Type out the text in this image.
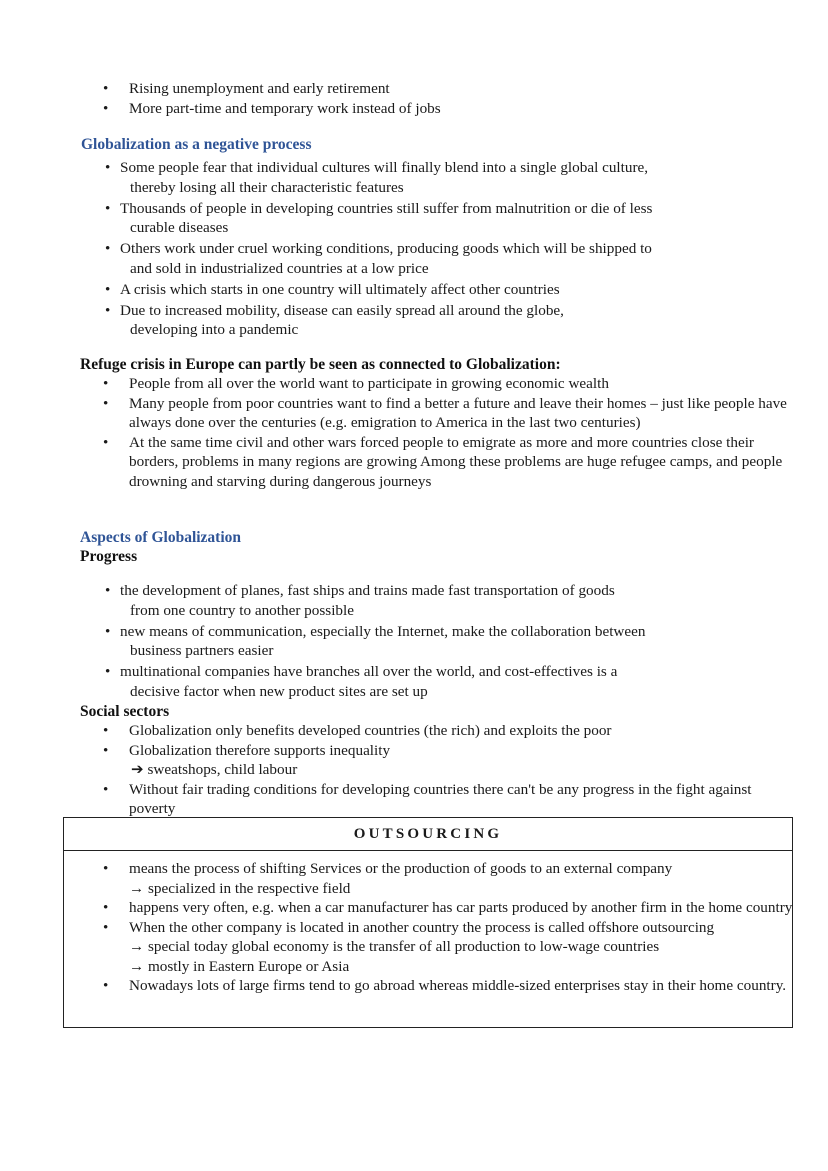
• Rising unemployment and early retirement
• More part-time and temporary work instead of jobs
Globalization as a negative process
• Some people fear that individual cultures will finally blend into a single global culture,
thereby losing all their characteristic features
• Thousands of people in developing countries still suffer from malnutrition or die of less
curable diseases
• Others work under cruel working conditions, producing goods which will be shipped to
and sold in industrialized countries at a low price
• A crisis which starts in one country will ultimately affect other countries
• Due to increased mobility, disease can easily spread all around the globe,
developing into a pandemic
Refuge crisis in Europe can partly be seen as connected to Globalization:
• People from all over the world want to participate in growing economic wealth
• Many people from poor countries want to find a better a future and leave their homes – just like people have always done over the centuries (e.g. emigration to America in the last two centuries)
• At the same time civil and other wars forced people to emigrate as more and more countries close their borders, problems in many regions are growing Among these problems are huge refugee camps, and people drowning and starving during dangerous journeys
Aspects of Globalization
Progress
• the development of planes, fast ships and trains made fast transportation of goods
from one country to another possible
• new means of communication, especially the Internet, make the collaboration between
business partners easier
• multinational companies have branches all over the world, and cost-effectives is a
decisive factor when new product sites are set up
Social sectors
• Globalization only benefits developed countries (the rich) and exploits the poor
• Globalization therefore supports inequality
➔ sweatshops, child labour
• Without fair trading conditions for developing countries there can't be any progress in the fight against poverty
OUTSOURCING
• means the process of shifting Services or the production of goods to an external company
→ specialized in the respective field
• happens very often, e.g. when a car manufacturer has car parts produced by another firm in the home country
• When the other company is located in another country the process is called offshore outsourcing
→ special today global economy is the transfer of all production to low-wage countries
→ mostly in Eastern Europe or Asia
• Nowadays lots of large firms tend to go abroad whereas middle-sized enterprises stay in their home country.
